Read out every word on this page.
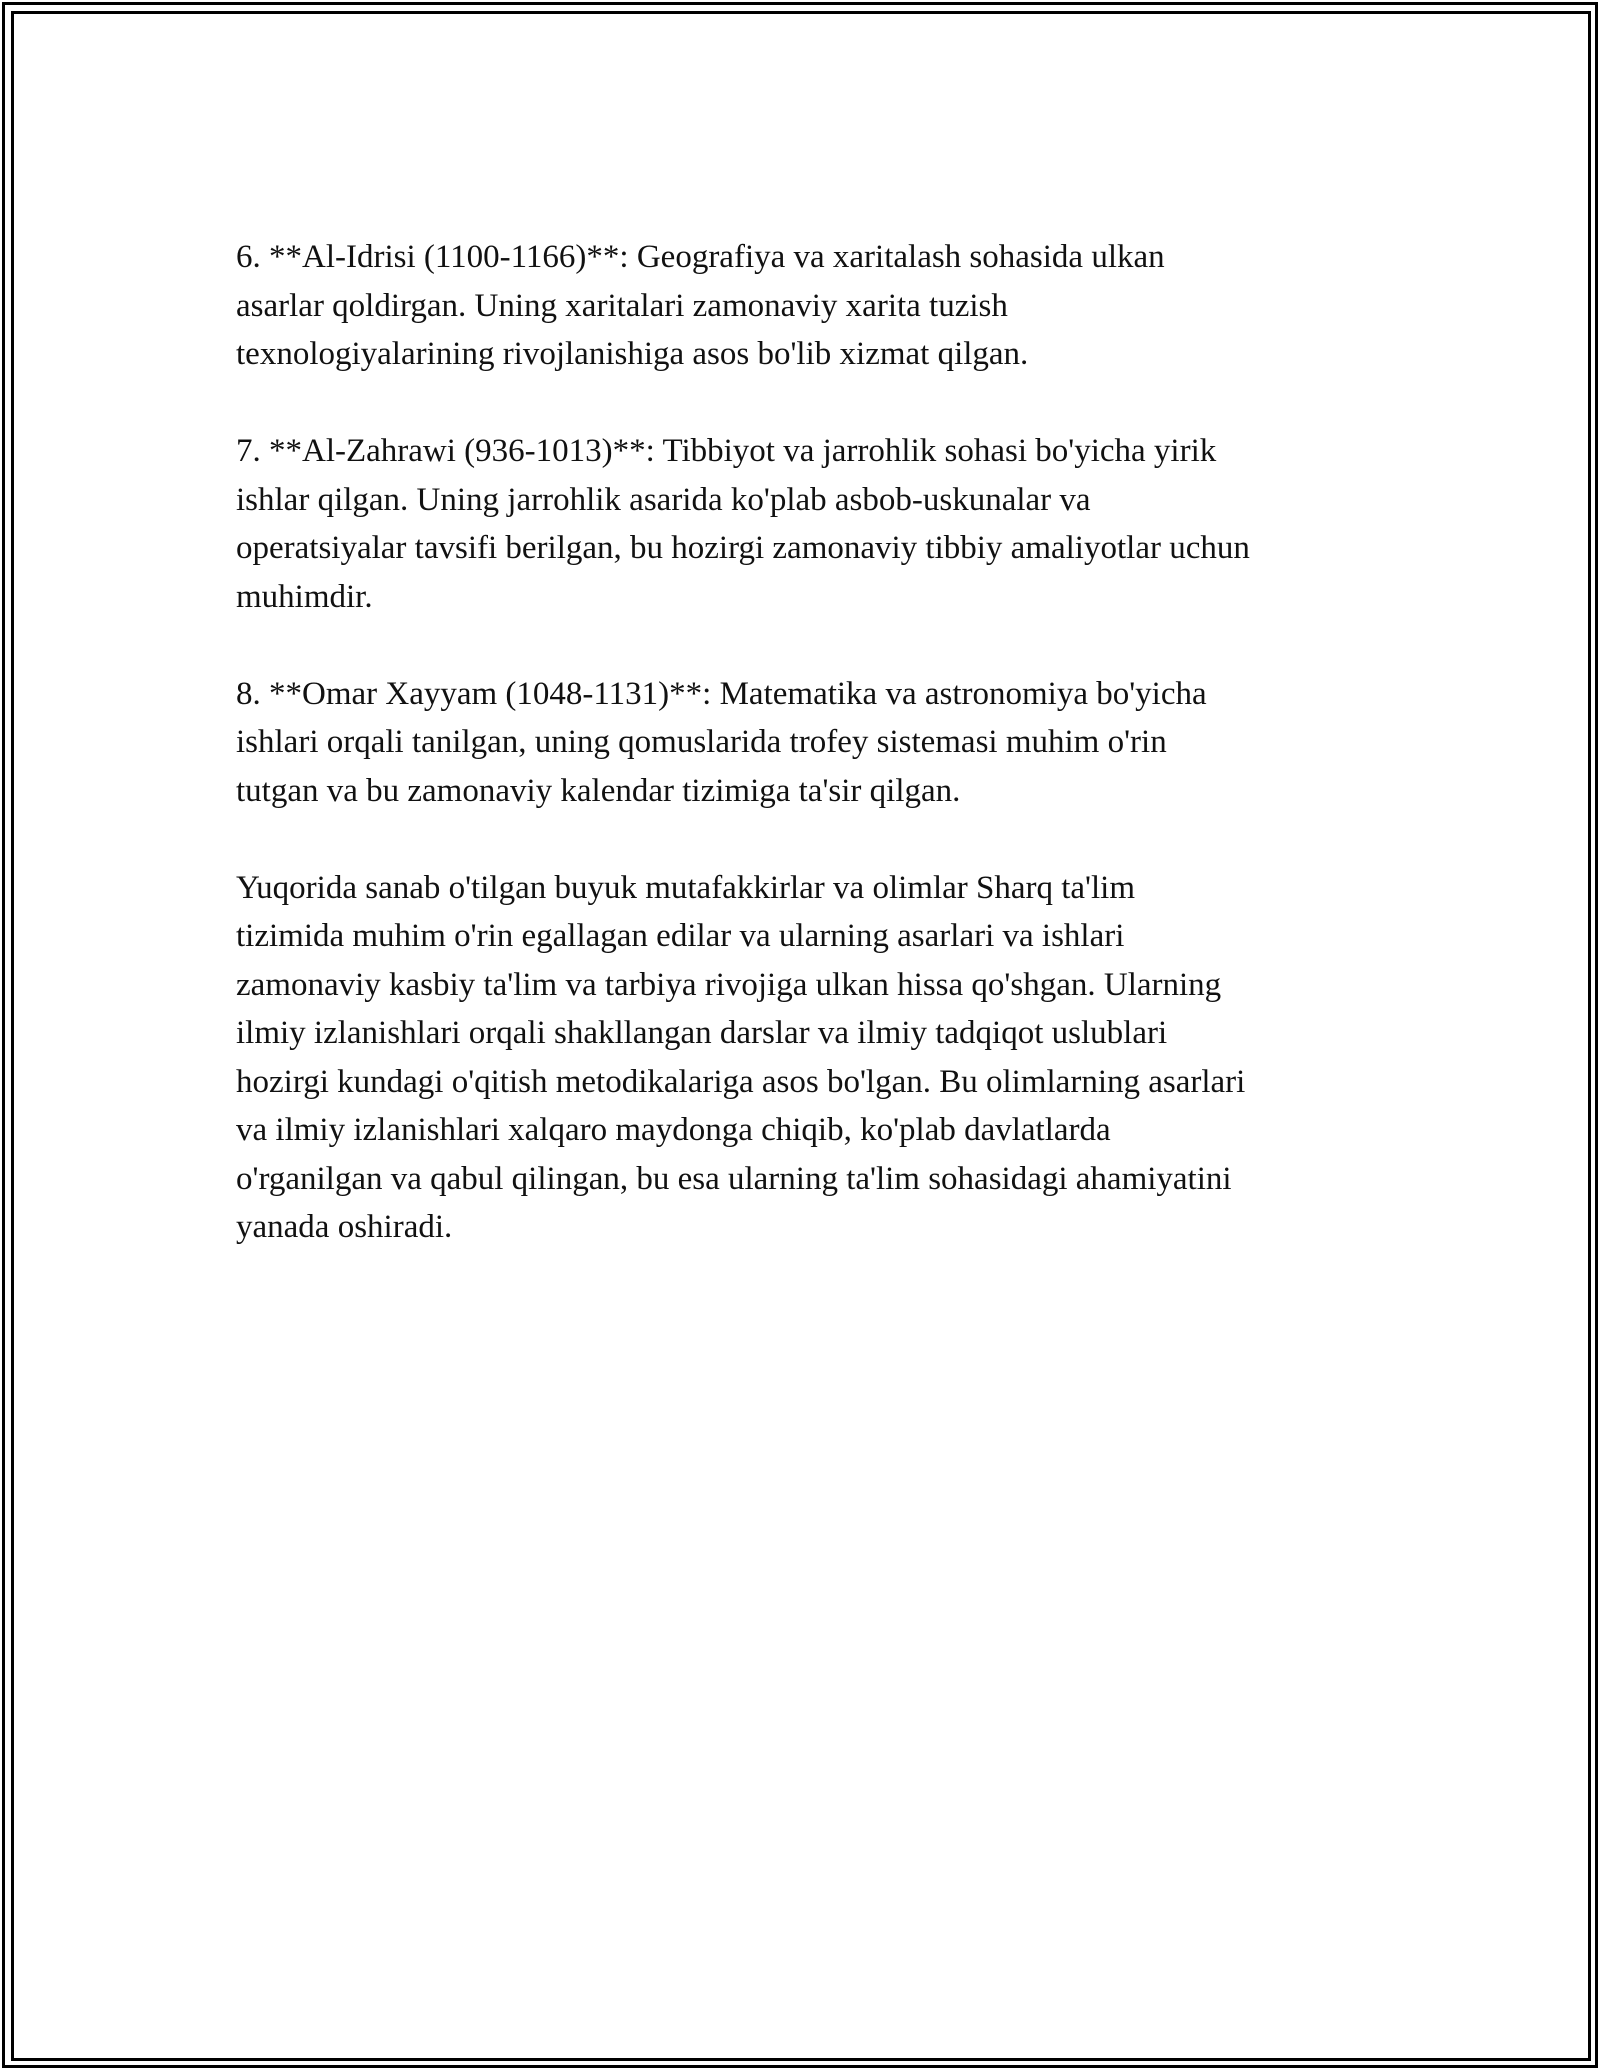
6. **Al-Idrisi (1100-1166)**: Geografiya va xaritalash sohasida ulkan
asarlar qoldirgan. Uning xaritalari zamonaviy xarita tuzish
texnologiyalarining rivojlanishiga asos bo'lib xizmat qilgan.

7. **Al-Zahrawi (936-1013)**: Tibbiyot va jarrohlik sohasi bo'yicha yirik
ishlar qilgan. Uning jarrohlik asarida ko'plab asbob-uskunalar va
operatsiyalar tavsifi berilgan, bu hozirgi zamonaviy tibbiy amaliyotlar uchun
muhimdir.

8. **Omar Xayyam (1048-1131)**: Matematika va astronomiya bo'yicha
ishlari orqali tanilgan, uning qomuslarida trofey sistemasi muhim o'rin
tutgan va bu zamonaviy kalendar tizimiga ta'sir qilgan.

Yuqorida sanab o'tilgan buyuk mutafakkirlar va olimlar Sharq ta'lim
tizimida muhim o'rin egallagan edilar va ularning asarlari va ishlari
zamonaviy kasbiy ta'lim va tarbiya rivojiga ulkan hissa qo'shgan. Ularning
ilmiy izlanishlari orqali shakllangan darslar va ilmiy tadqiqot uslublari
hozirgi kundagi o'qitish metodikalariga asos bo'lgan. Bu olimlarning asarlari
va ilmiy izlanishlari xalqaro maydonga chiqib, ko'plab davlatlarda
o'rganilgan va qabul qilingan, bu esa ularning ta'lim sohasidagi ahamiyatini
yanada oshiradi.
